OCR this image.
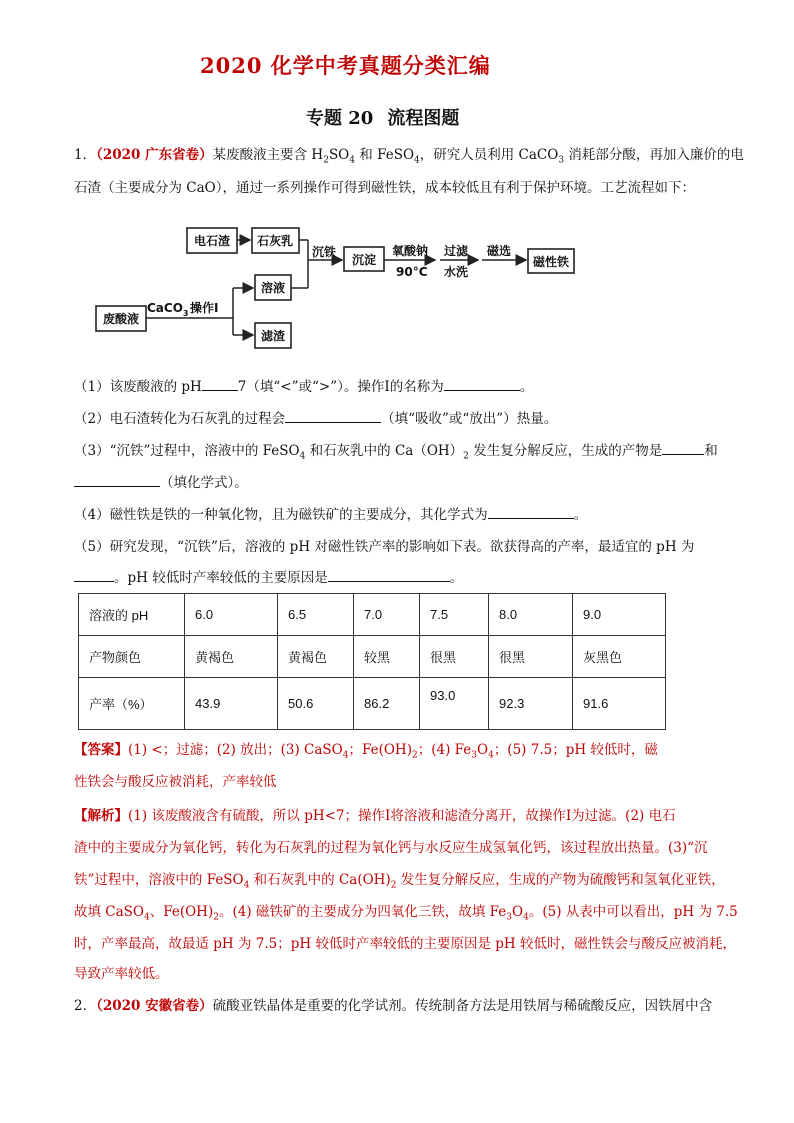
2020 化学中考真题分类汇编
专题 20 流程图题
1．（2020 广东省卷）某废酸液主要含 $H_2SO_4$ 和 FeSO$_4$，研究人员利用 CaCO$_3$ 消耗部分酸，再加入廉价的电
石渣（主要成分为 CaO），通过一系列操作可得到磁性铁，成本较低且有利于保护环境。工艺流程如下：
电石渣 石灰乳
废酸液
溶液
滤渣
沉淀	磁性铁
CaCO$_3$ 操作Ⅰ
沉铁	氧酸钠
90°C
过滤
水洗
磁选
（1）该废酸液的 pH	7（填“<”或“>”）。操作Ⅰ的名称为	。
（2）电石渣转化为石灰乳的过程会	（填“吸收”或“放出”）热量。
（3）“沉铁”过程中，溶液中的 FeSO$_4$ 和石灰乳中的 $Ca(OH)_2$ 发生复分解反应，生成的产物是	和
（填化学式）。
（4）磁性铁是铁的一种氧化物，且为磁铁矿的主要成分，其化学式为	。
（5）研究发现，“沉铁”后，溶液的 pH 对磁性铁产率的影响如下表。欲获得高的产率，最适宜的 pH 为
。pH 较低时产率较低的主要原因是	。
溶液的 pH	6.0	6.5	7.0	7.5	8.0	9.0
产物颜色	黄褐色	黄褐色	较黑	很黑	很黑	灰黑色
产率（%）	43.9	50.6	86.2	93.0	92.3	91.6
【答案】(1) <；过滤；(2) 放出；(3) CaSO$_4$；$Fe(OH)_2$；(4) $Fe_3O_4$；(5) 7.5；pH 较低时，磁
性铁会与酸反应被消耗，产率较低
【解析】(1) 该废酸液含有硫酸，所以 pH<7；操作Ⅰ将溶液和滤渣分离开，故操作Ⅰ为过滤。(2) 电石
渣中的主要成分为氧化钙，转化为石灰乳的过程为氧化钙与水反应生成氢氧化钙，该过程放出热量。(3)“沉
铁”过程中，溶液中的 FeSO$_4$ 和石灰乳中的 $Ca(OH)_2$ 发生复分解反应，生成的产物为硫酸钙和氢氧化亚铁，
故填 CaSO$_4$、$Fe(OH)_2$。(4) 磁铁矿的主要成分为四氧化三铁，故填 $Fe_3O_4$。(5) 从表中可以看出，pH 为 7.5
时，产率最高，故最适 pH 为 7.5；pH 较低时产率较低的主要原因是 pH 较低时，磁性铁会与酸反应被消耗，
导致产率较低。
2．（2020 安徽省卷）硫酸亚铁晶体是重要的化学试剂。传统制备方法是用铁屑与稀硫酸反应，因铁屑中含
